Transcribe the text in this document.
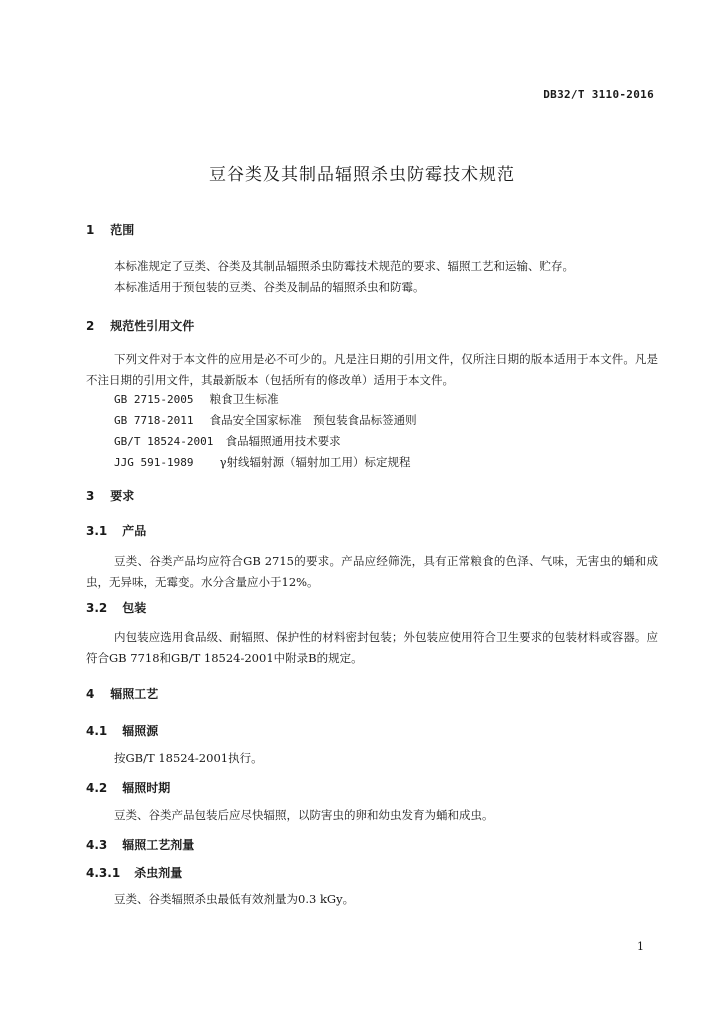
DB32/T 3110-2016
豆谷类及其制品辐照杀虫防霉技术规范
1 范围
本标准规定了豆类、谷类及其制品辐照杀虫防霉技术规范的要求、辐照工艺和运输、贮存。
本标准适用于预包装的豆类、谷类及制品的辐照杀虫和防霉。
2 规范性引用文件
下列文件对于本文件的应用是必不可少的。凡是注日期的引用文件，仅所注日期的版本适用于本文件。凡是不注日期的引用文件，其最新版本（包括所有的修改单）适用于本文件。
GB 2715-2005 粮食卫生标准
GB 7718-2011 食品安全国家标准　预包装食品标签通则
GB/T 18524-2001 食品辐照通用技术要求
JJG 591-1989 γ射线辐射源（辐射加工用）标定规程
3 要求
3.1 产品
豆类、谷类产品均应符合GB 2715的要求。产品应经筛洗，具有正常粮食的色泽、气味，无害虫的蛹和成虫，无异味，无霉变。水分含量应小于12%。
3.2 包装
内包装应选用食品级、耐辐照、保护性的材料密封包装；外包装应使用符合卫生要求的包装材料或容器。应符合GB 7718和GB/T 18524-2001中附录B的规定。
4 辐照工艺
4.1 辐照源
按GB/T 18524-2001执行。
4.2 辐照时期
豆类、谷类产品包装后应尽快辐照，以防害虫的卵和幼虫发育为蛹和成虫。
4.3 辐照工艺剂量
4.3.1 杀虫剂量
豆类、谷类辐照杀虫最低有效剂量为0.3 kGy。
1
